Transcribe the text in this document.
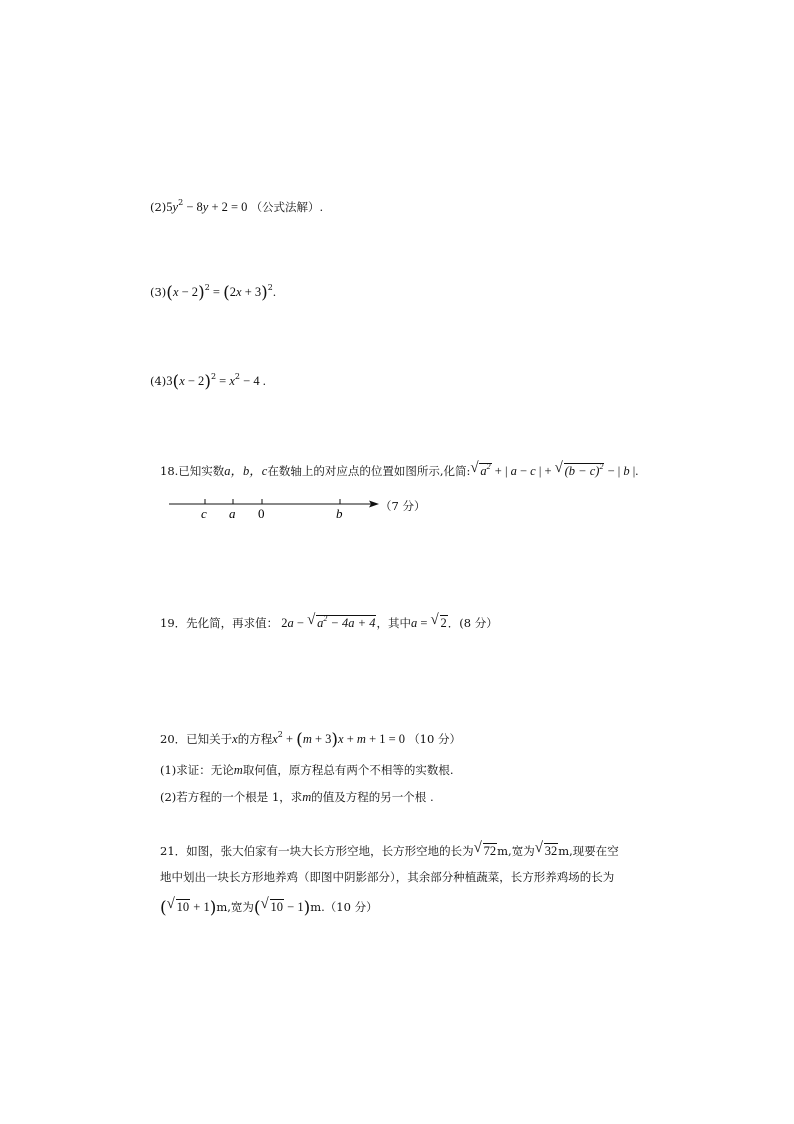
$(2)5y^2 - 8y + 2 = 0$ （公式法解）.
$(3)(x - 2)^2 = (2x + 3)^2$.
$(4)3(x - 2)^2 = x^2 - 4$ .
18.已知实数a，b，c在数轴上的对应点的位置如图所示,化简: √ $a^2$ + | a − c | + √ $(b - c)^2$ − | b |.
c a 0	b	（7 分）
19．先化简，再求值： 2a − √ $a^2 - 4a + 4$，其中a = √ 2．(8 分）
20．已知关于x的方程$x^2 + (m + 3)x + m + 1 = 0$ （10 分）
(1)求证：无论m取何值，原方程总有两个不相等的实数根.
(2)若方程的一个根是 1，求m的值及方程的另一个根 .
21．如图，张大伯家有一块大长方形空地，长方形空地的长为 √ 72m,宽为 √ 32m,现要在空
地中划出一块长方形地养鸡（即图中阴影部分），其余部分种植蔬菜，长方形养鸡场的长为
( √ 10 + 1)m,宽为( √ 10 − 1)m.（10 分）
